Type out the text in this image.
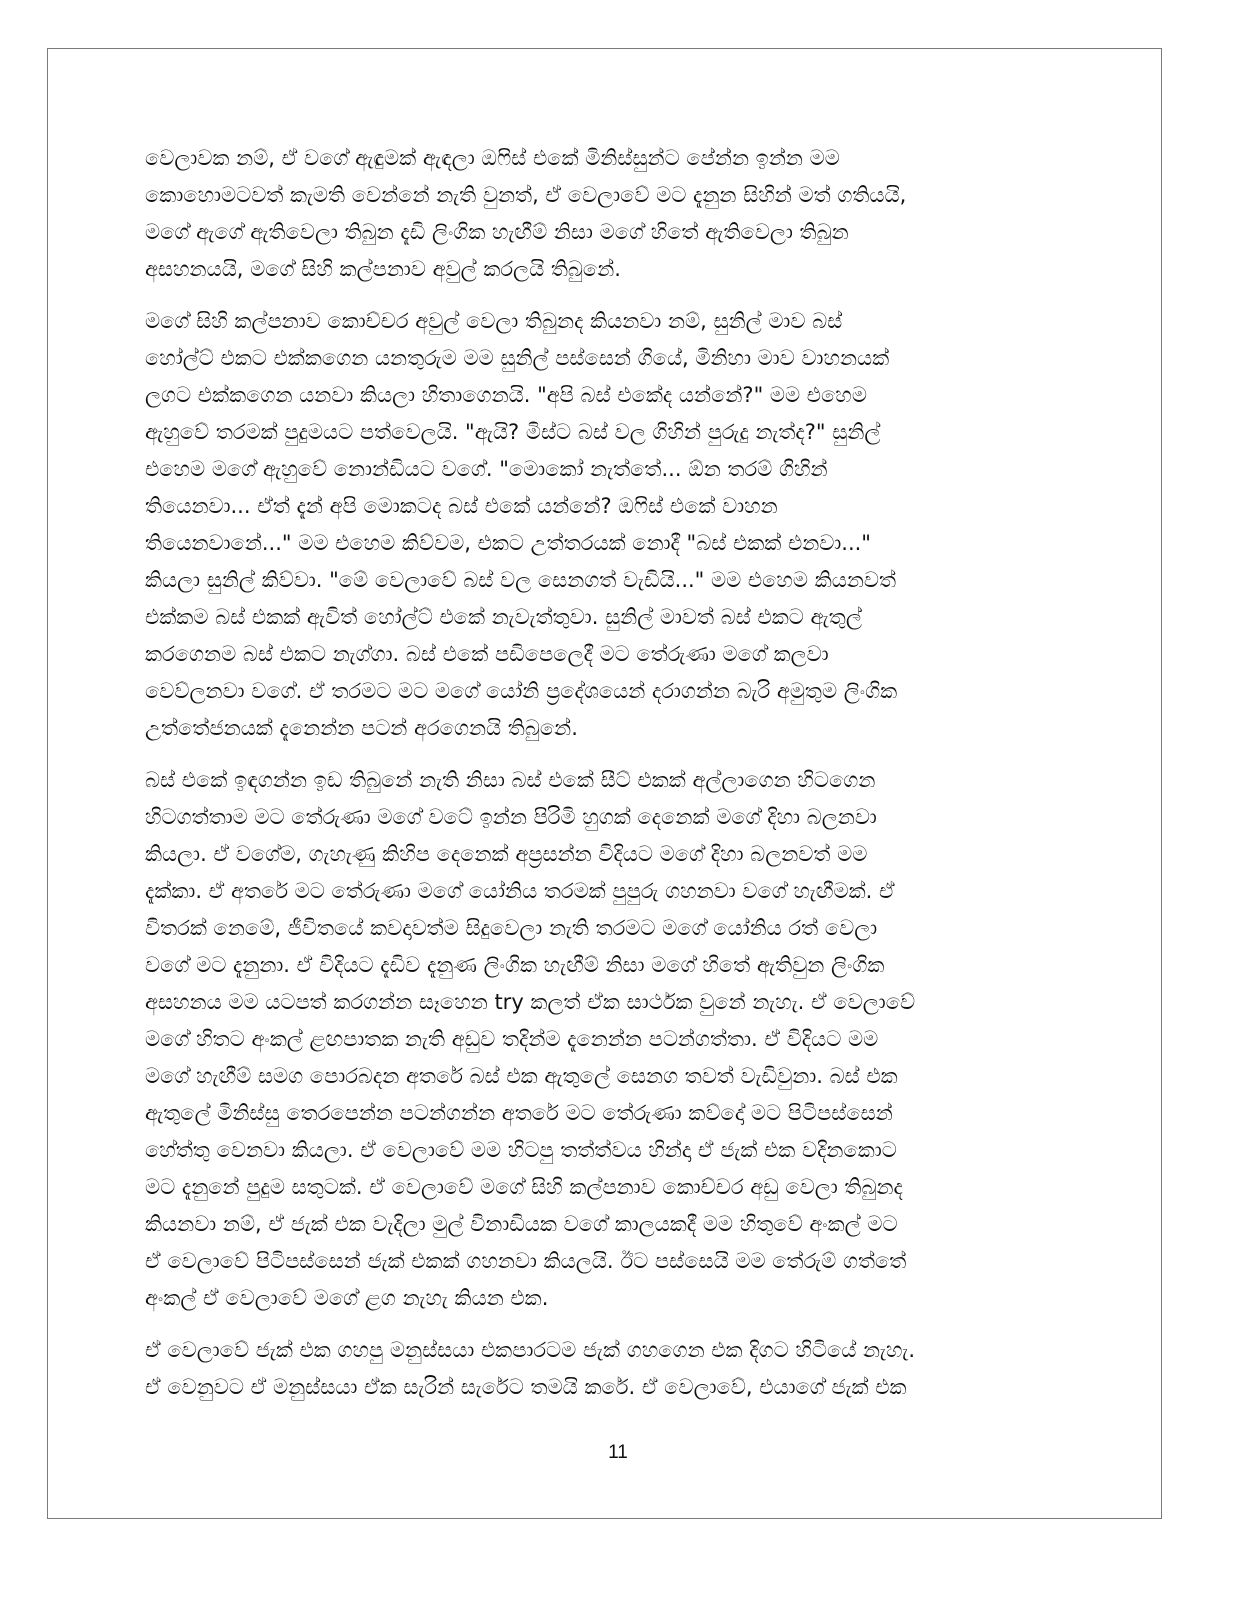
වෙලාවක නම්, ඒ වගේ ඇඳුමක් ඇඳලා ඔෆිස් එකේ මිනිස්සුන්ට පේන්න ඉන්න මම
කොහොමටවත් කැමති වෙන්නේ නැති වුනත්, ඒ වෙලාවේ මට දැනුන සිහින් මත් ගතියයි,
මගේ ඇගේ ඇතිවෙලා තිබුන දැඩි ලිංගික හැඟීම් නිසා මගේ හිතේ ඇතිවෙලා තිබුන
අසහනයයි, මගේ සිහි කල්පනාව අවුල් කරලයි තිබුනේ.

මගේ සිහි කල්පනාව කොච්චර අවුල් වෙලා තිබුනද කියනවා නම්, සුනිල් මාව බස්
හෝල්ට් එකට එක්කගෙන යනතුරුම මම සුනිල් පස්සෙන් ගියේ, මිනිහා මාව වාහනයක්
ලගට එක්කගෙන යනවා කියලා හිතාගෙනයි. "අපි බස් එකේද යන්නේ?" මම එහෙම
ඇහුවේ තරමක් පුදුමයට පත්වෙලයි. "ඇයි? මිස්ට බස් වල ගිහින් පුරුදු නැත්ද?" සුනිල්
එහෙම මගේ ඇහුවේ නොන්ඩියට වගේ. "මොකෝ නැත්තේ... ඕන තරම් ගිහින්
තියෙනවා... ඒත් දැන් අපි මොකටද බස් එකේ යන්නේ? ඔෆිස් එකේ වාහන
තියෙනවානේ..." මම එහෙම කිව්වම, එකට උත්තරයක් නොදී "බස් එකක් එනවා..."
කියලා සුනිල් කිව්වා. "මේ වෙලාවේ බස් වල සෙනගත් වැඩියි..." මම එහෙම කියනවත්
එක්කම බස් එකක් ඇවිත් හෝල්ට් එකේ නැවැත්තුවා. සුනිල් මාවත් බස් එකට ඇතුල්
කරගෙනම බස් එකට නැග්ගා. බස් එකේ පඩිපෙලෙදී මට තේරුණා මගේ කලවා
වෙව්ලනවා වගේ. ඒ තරමට මට මගේ යෝනි ප්‍රදේශයෙන් දරාගන්න බැරි අමුතුම ලිංගික
උත්තේජනයක් දැනෙන්න පටන් අරගෙනයි තිබුනේ.

බස් එකේ ඉඳගන්න ඉඩ තිබුනේ නැති නිසා බස් එකේ සීට් එකක් අල්ලාගෙන හිටගෙන
හිටගත්තාම මට තේරුණා මගේ වටේ ඉන්න පිරිමි හුගක් දෙනෙක් මගේ දිහා බලනවා
කියලා. ඒ වගේම, ගැහැණු කිහිප දෙනෙක් අප්‍රසන්න විදියට මගේ දිහා බලනවත් මම
දැක්කා. ඒ අතරේ මට තේරුණා මගේ යෝනිය තරමක් පුපුරු ගහනවා වගේ හැඟීමක්. ඒ
විතරක් නෙමේ, ජීවිතයේ කවදාවත්ම සිදුවෙලා නැති තරමට මගේ යෝනිය රත් වෙලා
වගේ මට දැනුනා. ඒ විදියට දැඩිව දැනුණ ලිංගික හැඟීම් නිසා මගේ හිතේ ඇතිවුන ලිංගික
අසහනය මම යටපත් කරගන්න සෑහෙන try කලත් ඒක සාර්ථක වුනේ නැහැ. ඒ වෙලාවේ
මගේ හිතට අංකල් ළඟපාතක නැති අඩුව තදින්ම දැනෙන්න පටන්ගත්තා. ඒ විදියට මම
මගේ හැඟීම් සමග පොරබදන අතරේ බස් එක ඇතුලේ සෙනග තවත් වැඩිවුනා. බස් එක
ඇතුලේ මිනිස්සු තෙරපෙන්න පටන්ගන්න අතරේ මට තේරුණා කව්දෝ මට පිටිපස්සෙන්
හේත්තු වෙනවා කියලා. ඒ වෙලාවේ මම හිටපු තත්ත්වය හින්දා ඒ ජැක් එක වදිනකොට
මට දැනුනේ පුදුම සතුටක්. ඒ වෙලාවේ මගේ සිහි කල්පනාව කොච්චර අඩු වෙලා තිබුනද
කියනවා නම්, ඒ ජැක් එක වැදිලා මුල් විනාඩියක වගේ කාලයකදී මම හිතුවේ අංකල් මට
ඒ වෙලාවේ පිටිපස්සෙන් ජැක් එකක් ගහනවා කියලයි. ඊට පස්සෙයි මම තේරුම් ගත්තේ
අංකල් ඒ වෙලාවේ මගේ ළග නැහැ කියන එක.

ඒ වෙලාවේ ජැක් එක ගහපු මනුස්සයා එකපාරටම ජැක් ගහගෙන එක දිගට හිටියේ නැහැ.
ඒ වෙනුවට ඒ මනුස්සයා ඒක සැරින් සැරේට තමයි කරේ. ඒ වෙලාවේ, එයාගේ ජැක් එක

11
